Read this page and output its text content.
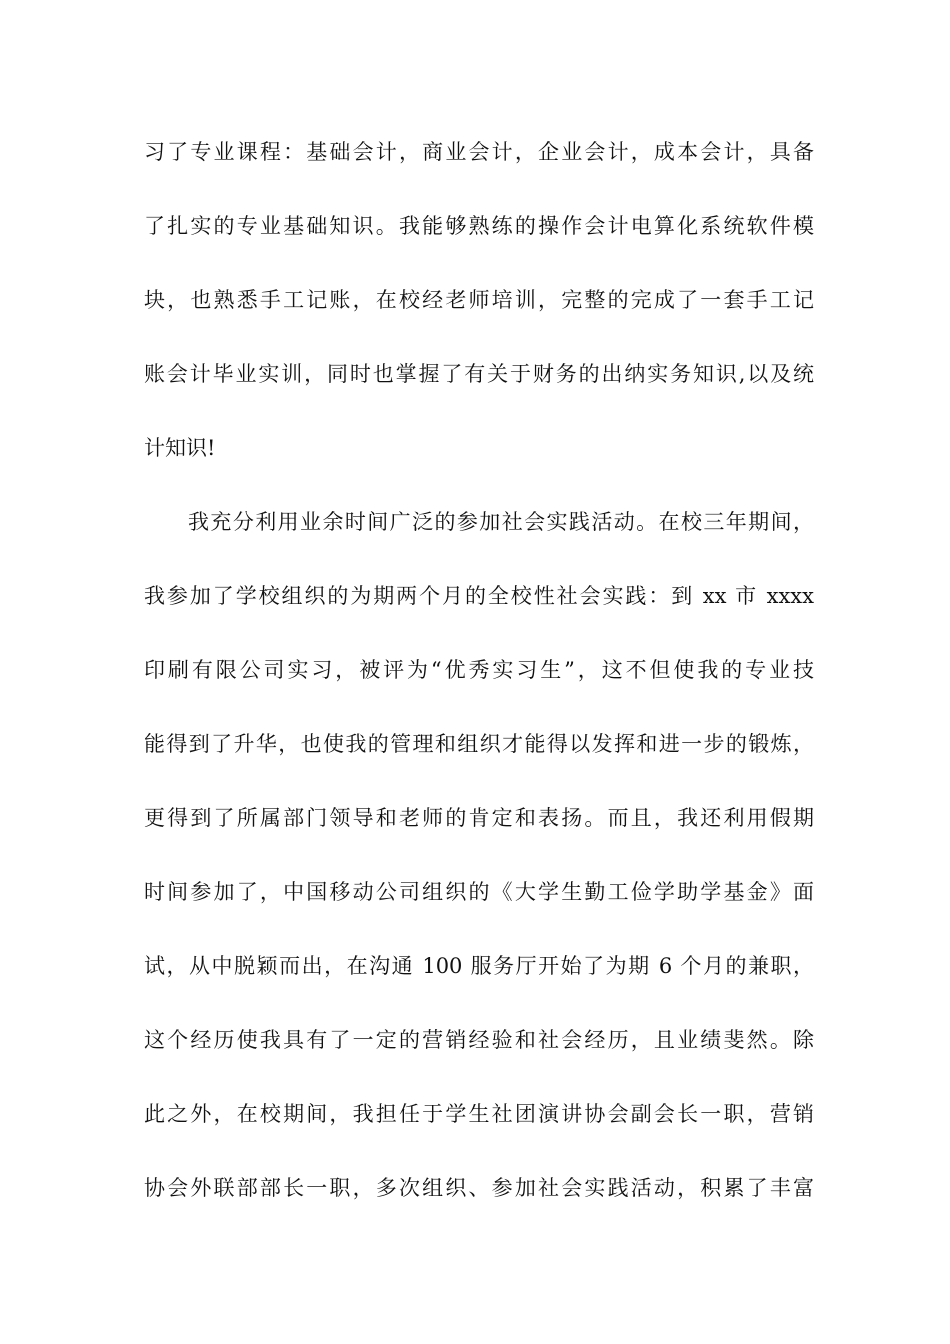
习了专业课程：基础会计，商业会计，企业会计，成本会计，具备
了扎实的专业基础知识。我能够熟练的操作会计电算化系统软件模
块，也熟悉手工记账，在校经老师培训，完整的完成了一套手工记
账会计毕业实训，同时也掌握了有关于财务的出纳实务知识,以及统
计知识!
我充分利用业余时间广泛的参加社会实践活动。在校三年期间，
我参加了学校组织的为期两个月的全校性社会实践：到 xx 市 xxxx
印刷有限公司实习，被评为“优秀实习生”，这不但使我的专业技
能得到了升华，也使我的管理和组织才能得以发挥和进一步的锻炼，
更得到了所属部门领导和老师的肯定和表扬。而且，我还利用假期
时间参加了，中国移动公司组织的《大学生勤工俭学助学基金》面
试，从中脱颖而出，在沟通 100 服务厅开始了为期 6 个月的兼职，
这个经历使我具有了一定的营销经验和社会经历，且业绩斐然。除
此之外，在校期间，我担任于学生社团演讲协会副会长一职，营销
协会外联部部长一职，多次组织、参加社会实践活动，积累了丰富
